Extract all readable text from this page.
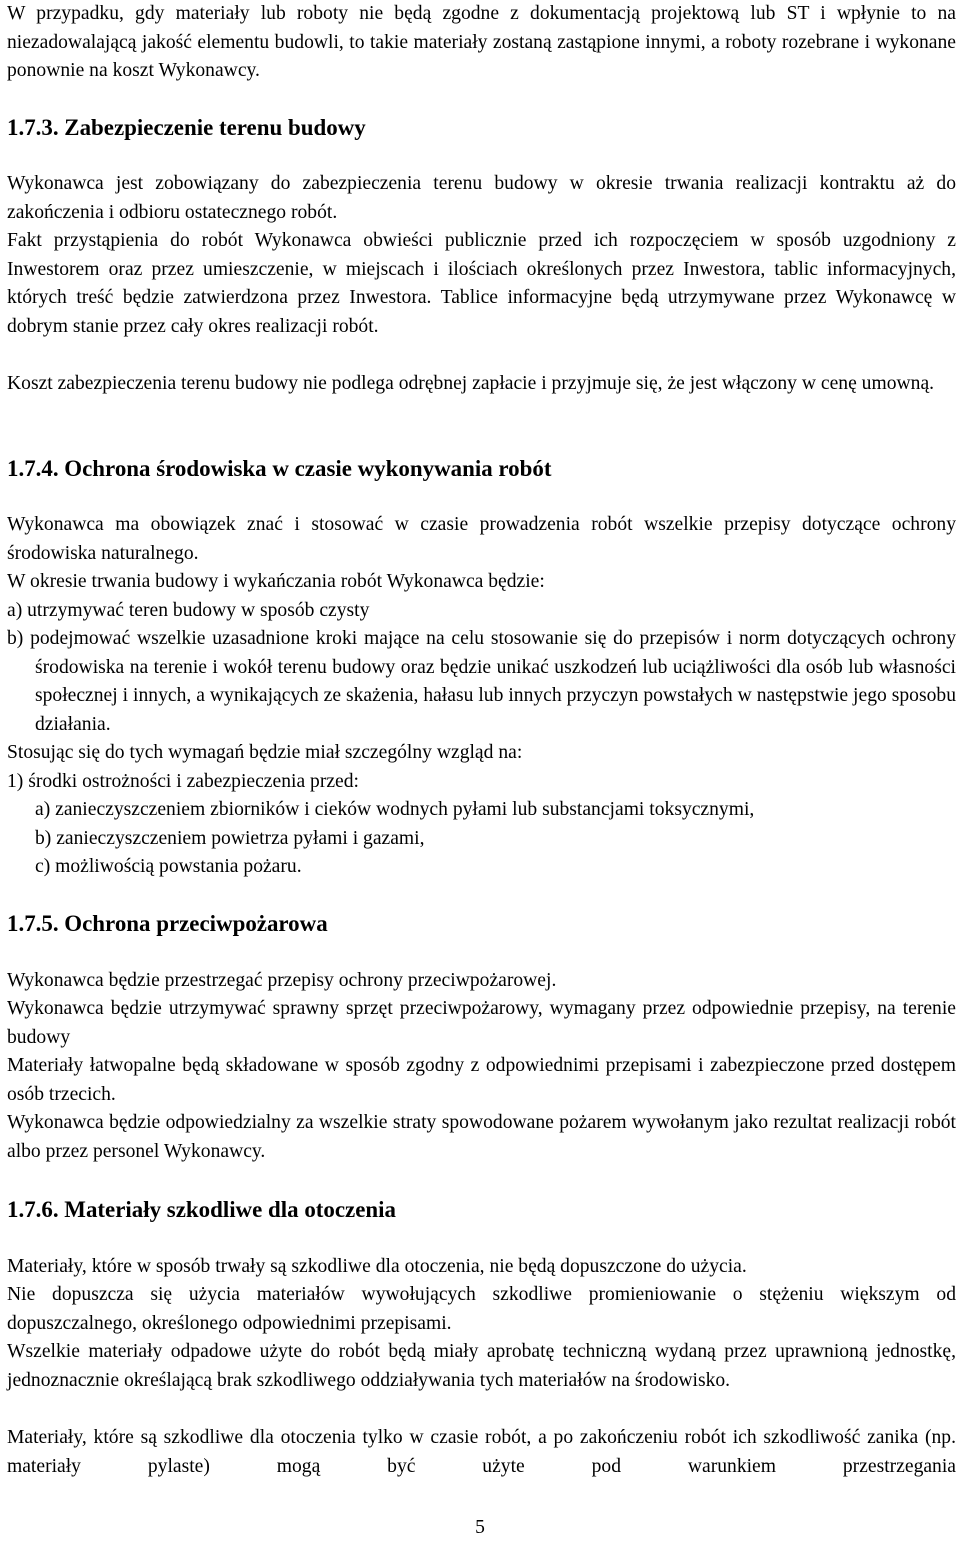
W przypadku, gdy materiały lub roboty nie będą zgodne z dokumentacją projektową lub ST i wpłynie to na niezadowalającą jakość elementu budowli, to takie materiały zostaną zastąpione innymi, a roboty rozebrane i wykonane ponownie na koszt Wykonawcy.

1.7.3. Zabezpieczenie terenu budowy

Wykonawca jest zobowiązany do zabezpieczenia terenu budowy w okresie trwania realizacji kontraktu aż do zakończenia i odbioru ostatecznego robót.

Fakt przystąpienia do robót Wykonawca obwieści publicznie przed ich rozpoczęciem w sposób uzgodniony z Inwestorem oraz przez umieszczenie, w miejscach i ilościach określonych przez Inwestora, tablic informacyjnych, których treść będzie zatwierdzona przez Inwestora. Tablice informacyjne będą utrzymywane przez Wykonawcę w dobrym stanie przez cały okres realizacji robót.

Koszt zabezpieczenia terenu budowy nie podlega odrębnej zapłacie i przyjmuje się, że jest włączony w cenę umowną.

1.7.4. Ochrona środowiska w czasie wykonywania robót

Wykonawca ma obowiązek znać i stosować w czasie prowadzenia robót wszelkie przepisy dotyczące ochrony środowiska naturalnego.

W okresie trwania budowy i wykańczania robót Wykonawca będzie:

a) utrzymywać teren budowy w sposób czysty

b) podejmować wszelkie uzasadnione kroki mające na celu stosowanie się do przepisów i norm dotyczących ochrony środowiska na terenie i wokół terenu budowy oraz będzie unikać uszkodzeń lub uciążliwości dla osób lub własności społecznej i innych, a wynikających ze skażenia, hałasu lub innych przyczyn powstałych w następstwie jego sposobu działania.

Stosując się do tych wymagań będzie miał szczególny wzgląd na:

1) środki ostrożności i zabezpieczenia przed:

a) zanieczyszczeniem zbiorników i cieków wodnych pyłami lub substancjami toksycznymi,

b) zanieczyszczeniem powietrza pyłami i gazami,

c) możliwością powstania pożaru.

1.7.5. Ochrona przeciwpożarowa

Wykonawca będzie przestrzegać przepisy ochrony przeciwpożarowej.

Wykonawca będzie utrzymywać sprawny sprzęt przeciwpożarowy, wymagany przez odpowiednie przepisy, na terenie budowy

Materiały łatwopalne będą składowane w sposób zgodny z odpowiednimi przepisami i zabezpieczone przed dostępem osób trzecich.

Wykonawca będzie odpowiedzialny za wszelkie straty spowodowane pożarem wywołanym jako rezultat realizacji robót albo przez personel Wykonawcy.

1.7.6. Materiały szkodliwe dla otoczenia

Materiały, które w sposób trwały są szkodliwe dla otoczenia, nie będą dopuszczone do użycia.

Nie dopuszcza się użycia materiałów wywołujących szkodliwe promieniowanie o stężeniu większym od dopuszczalnego, określonego odpowiednimi przepisami.

Wszelkie materiały odpadowe użyte do robót będą miały aprobatę techniczną wydaną przez uprawnioną jednostkę, jednoznacznie określającą brak szkodliwego oddziaływania tych materiałów na środowisko.

Materiały, które są szkodliwe dla otoczenia tylko w czasie robót, a po zakończeniu robót ich szkodliwość zanika (np. materiały pylaste) mogą być użyte pod warunkiem przestrzegania

5
